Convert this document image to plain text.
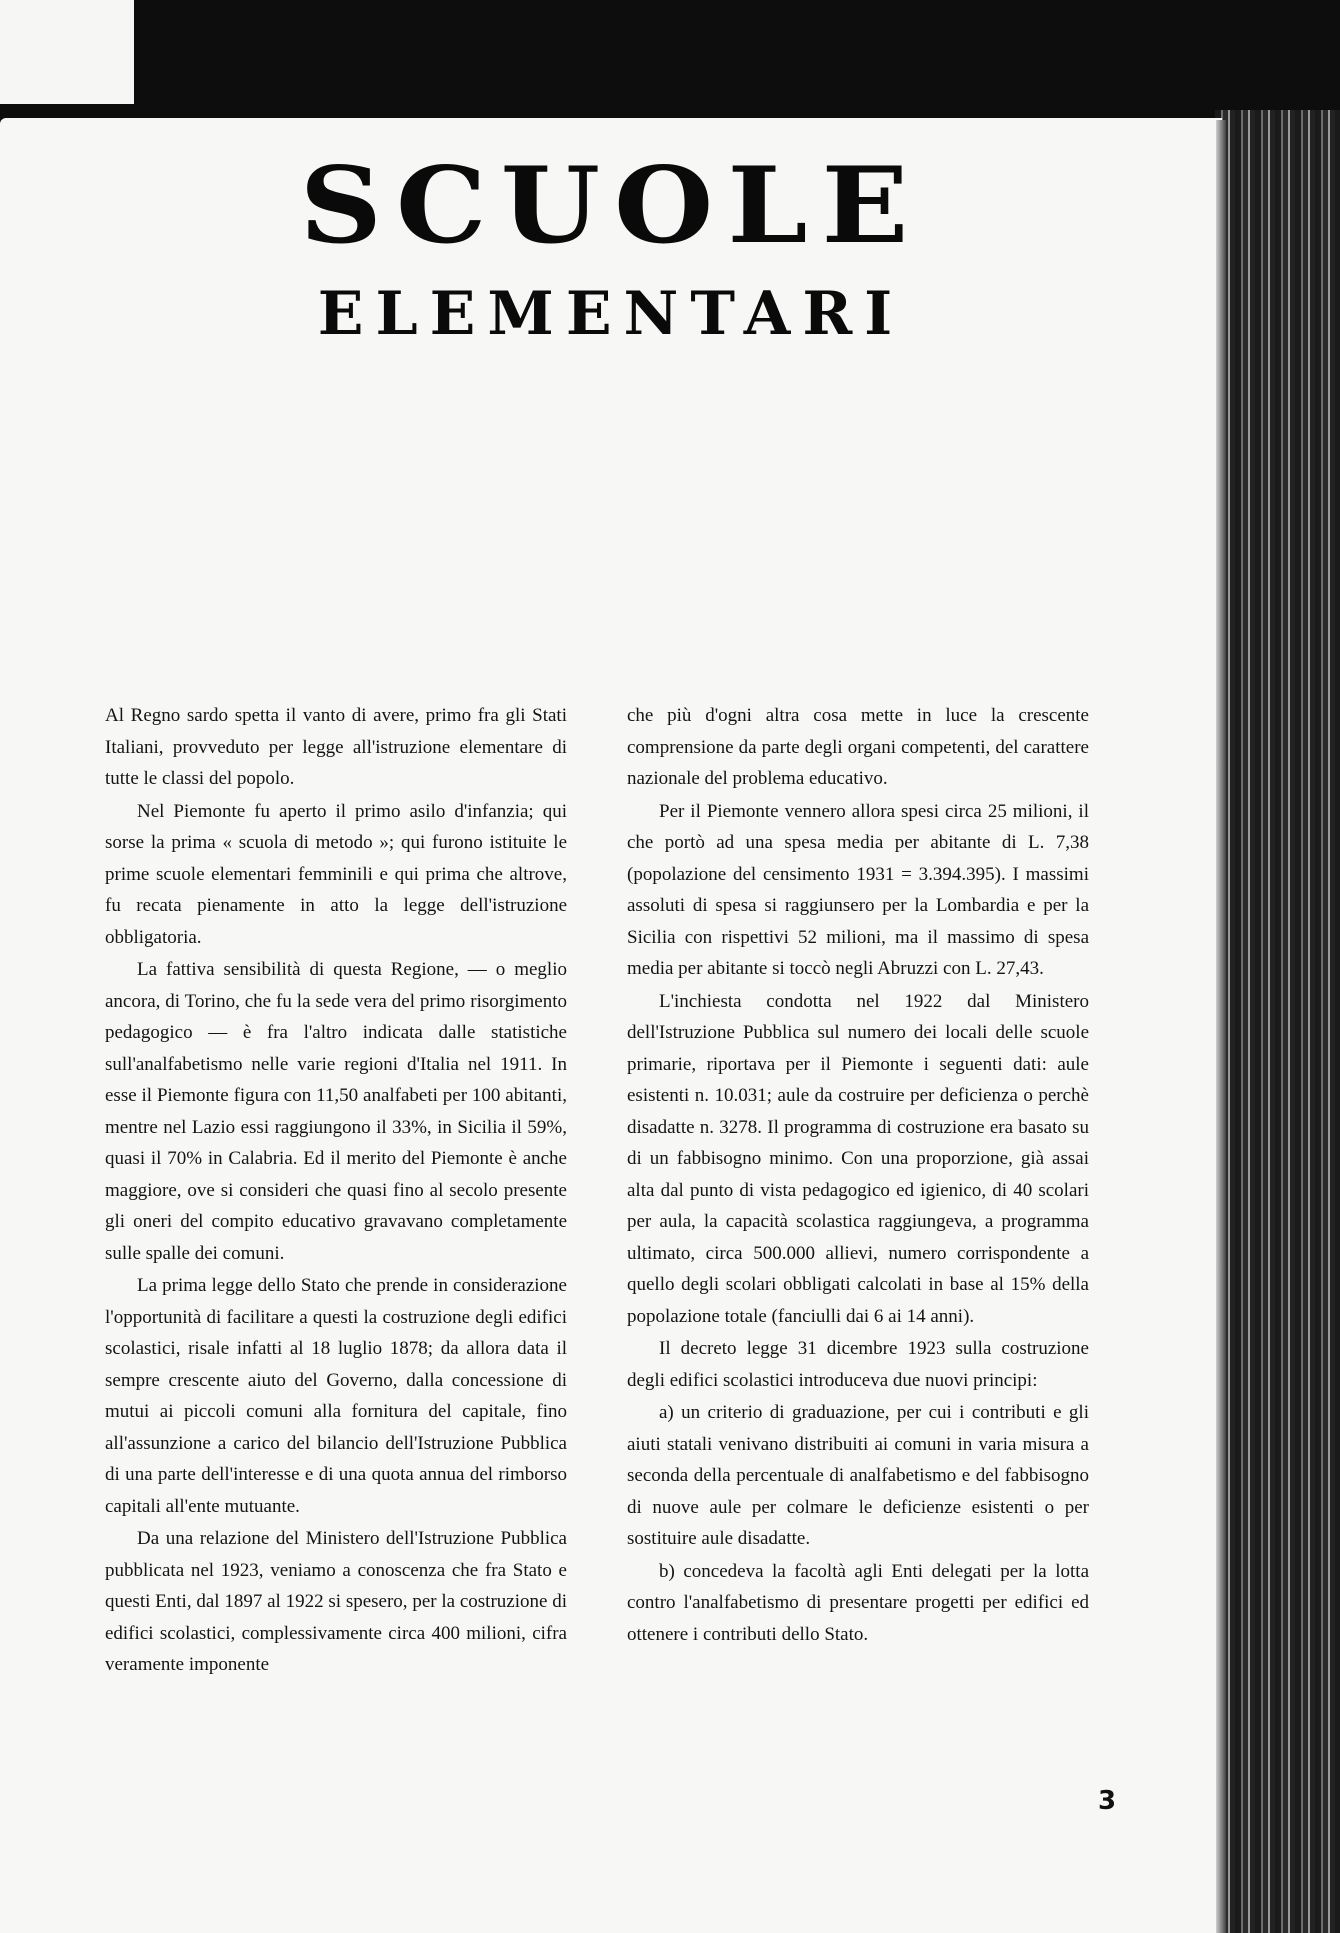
SCUOLE
ELEMENTARI

Al Regno sardo spetta il vanto di avere, primo fra gli Stati Italiani, provveduto per legge all'istruzione elementare di tutte le classi del popolo.

Nel Piemonte fu aperto il primo asilo d'infanzia; qui sorse la prima « scuola di metodo »; qui furono istituite le prime scuole elementari femminili e qui prima che altrove, fu recata pienamente in atto la legge dell'istruzione obbligatoria.

La fattiva sensibilità di questa Regione, — o meglio ancora, di Torino, che fu la sede vera del primo risorgimento pedagogico — è fra l'altro indicata dalle statistiche sull'analfabetismo nelle varie regioni d'Italia nel 1911. In esse il Piemonte figura con 11,50 analfabeti per 100 abitanti, mentre nel Lazio essi raggiungono il 33%, in Sicilia il 59%, quasi il 70% in Calabria. Ed il merito del Piemonte è anche maggiore, ove si consideri che quasi fino al secolo presente gli oneri del compito educativo gravavano completamente sulle spalle dei comuni.

La prima legge dello Stato che prende in considerazione l'opportunità di facilitare a questi la costruzione degli edifici scolastici, risale infatti al 18 luglio 1878; da allora data il sempre crescente aiuto del Governo, dalla concessione di mutui ai piccoli comuni alla fornitura del capitale, fino all'assunzione a carico del bilancio dell'Istruzione Pubblica di una parte dell'interesse e di una quota annua del rimborso capitali all'ente mutuante.

Da una relazione del Ministero dell'Istruzione Pubblica pubblicata nel 1923, veniamo a conoscenza che fra Stato e questi Enti, dal 1897 al 1922 si spesero, per la costruzione di edifici scolastici, complessivamente circa 400 milioni, cifra veramente imponente

che più d'ogni altra cosa mette in luce la crescente comprensione da parte degli organi competenti, del carattere nazionale del problema educativo.

Per il Piemonte vennero allora spesi circa 25 milioni, il che portò ad una spesa media per abitante di L. 7,38 (popolazione del censimento 1931 = 3.394.395). I massimi assoluti di spesa si raggiunsero per la Lombardia e per la Sicilia con rispettivi 52 milioni, ma il massimo di spesa media per abitante si toccò negli Abruzzi con L. 27,43.

L'inchiesta condotta nel 1922 dal Ministero dell'Istruzione Pubblica sul numero dei locali delle scuole primarie, riportava per il Piemonte i seguenti dati: aule esistenti n. 10.031; aule da costruire per deficienza o perchè disadatte n. 3278. Il programma di costruzione era basato su di un fabbisogno minimo. Con una proporzione, già assai alta dal punto di vista pedagogico ed igienico, di 40 scolari per aula, la capacità scolastica raggiungeva, a programma ultimato, circa 500.000 allievi, numero corrispondente a quello degli scolari obbligati calcolati in base al 15% della popolazione totale (fanciulli dai 6 ai 14 anni).

Il decreto legge 31 dicembre 1923 sulla costruzione degli edifici scolastici introduceva due nuovi principi:

a) un criterio di graduazione, per cui i contributi e gli aiuti statali venivano distribuiti ai comuni in varia misura a seconda della percentuale di analfabetismo e del fabbisogno di nuove aule per colmare le deficienze esistenti o per sostituire aule disadatte.

b) concedeva la facoltà agli Enti delegati per la lotta contro l'analfabetismo di presentare progetti per edifici ed ottenere i contributi dello Stato.

3
